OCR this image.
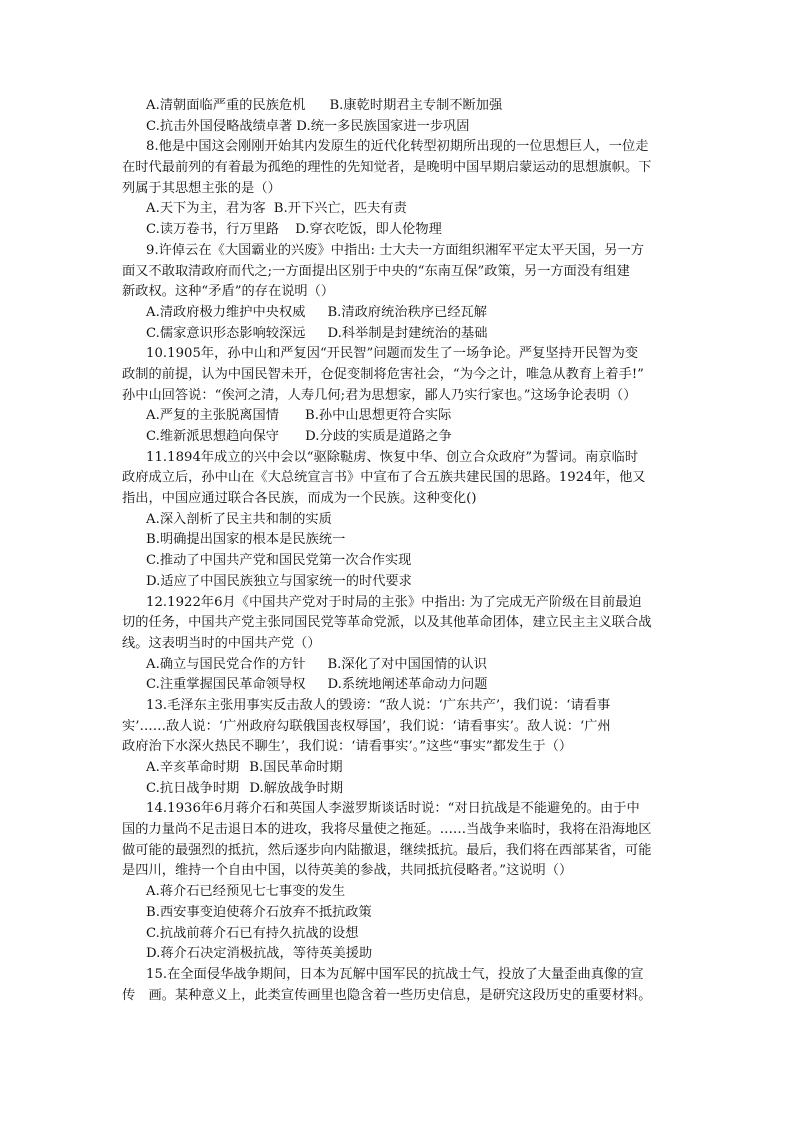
A.清朝面临严重的民族危机 B.康乾时期君主专制不断加强
C.抗击外国侵略战绩卓著 D.统一多民族国家进一步巩固
8.他是中国这会刚刚开始其内发原生的近代化转型初期所出现的一位思想巨人，一位走
在时代最前列的有着最为孤绝的理性的先知觉者，是晚明中国早期启蒙运动的思想旗帜。下
列属于其思想主张的是（）
A.天下为主，君为客 B.开下兴亡，匹夫有责
C.读万卷书，行万里路 D.穿衣吃饭，即人伦物理
9.许倬云在《大国霸业的兴废》中指出: 士大夫一方面组织湘军平定太平天国，另一方
面又不敢取清政府而代之;一方面提出区别于中央的“东南互保”政策，另一方面没有组建
新政权。这种“矛盾”的存在说明（）
A.清政府极力维护中央权威 B.清政府统治秩序已经瓦解
C.儒家意识形态影响较深远 D.科举制是封建统治的基础
10.1905年，孙中山和严复因“开民智”问题而发生了一场争论。严复坚持开民智为变
政制的前提，认为中国民智未开，仓促变制将危害社会，“为今之计，唯急从教育上着手!”
孙中山回答说：“俟河之清，人寿几何;君为思想家，鄙人乃实行家也。”这场争论表明（）
A.严复的主张脱离国情 B.孙中山思想更符合实际
C.维新派思想趋向保守 D.分歧的实质是道路之争
11.1894年成立的兴中会以“驱除鞑虏、恢复中华、创立合众政府”为誓词。南京临时
政府成立后，孙中山在《大总统宣言书》中宣布了合五族共建民国的思路。1924年，他又
指出，中国应通过联合各民族，而成为一个民族。这种变化()
A.深入剖析了民主共和制的实质
B.明确提出国家的根本是民族统一
C.推动了中国共产党和国民党第一次合作实现
D.适应了中国民族独立与国家统一的时代要求
12.1922年6月《中国共产党对于时局的主张》中指出: 为了完成无产阶级在目前最迫
切的任务，中国共产党主张同国民党等革命党派，以及其他革命团体，建立民主主义联合战
线。这表明当时的中国共产党（）
A.确立与国民党合作的方针 B.深化了对中国国情的认识
C.注重掌握国民革命领导权 D.系统地阐述革命动力问题
13.毛泽东主张用事实反击敌人的毁谤：“敌人说：‘广东共产’，我们说：‘请看事
实’……敌人说：‘广州政府勾联俄国丧权辱国’，我们说：‘请看事实’。敌人说：‘广州
政府治下水深火热民不聊生’，我们说：‘请看事实’。”这些“事实”都发生于（）
A.辛亥革命时期 B.国民革命时期
C.抗日战争时期 D.解放战争时期
14.1936年6月蒋介石和英国人李滋罗斯谈话时说：“对日抗战是不能避免的。由于中
国的力量尚不足击退日本的进攻，我将尽量使之拖延。……当战争来临时，我将在沿海地区
做可能的最强烈的抵抗，然后逐步向内陆撤退，继续抵抗。最后，我们将在西部某省，可能
是四川，维持一个自由中国，以待英美的参战，共同抵抗侵略者。”这说明（）
A.蒋介石已经预见七七事变的发生
B.西安事变迫使蒋介石放弃不抵抗政策
C.抗战前蒋介石已有持久抗战的设想
D.蒋介石决定消极抗战，等待英美援助
15.在全面侵华战争期间，日本为瓦解中国军民的抗战士气，投放了大量歪曲真像的宣
传　画。某种意义上，此类宣传画里也隐含着一些历史信息，是研究这段历史的重要材料。
